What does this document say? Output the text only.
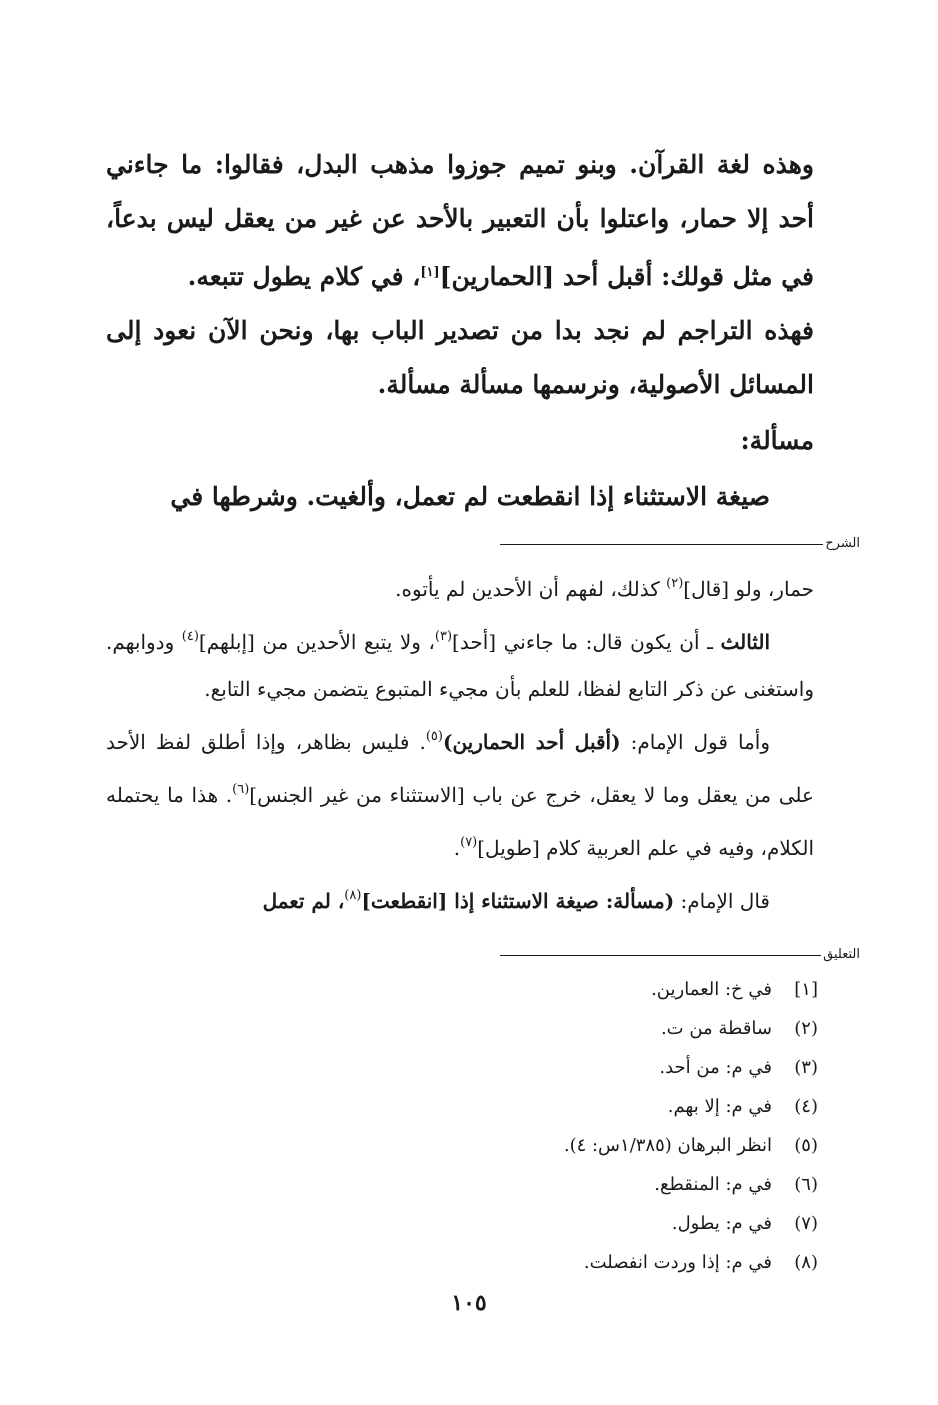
وهذه لغة القرآن. وبنو تميم جوزوا مذهب البدل، فقالوا: ما جاءني أحد إلا حمار، واعتلوا بأن التعبير بالأحد عن غير من يعقل ليس بدعاً، في مثل قولك: أقبل أحد [الحمارين][١]، في كلام يطول تتبعه.

فهذه التراجم لم نجد بدا من تصدير الباب بها، ونحن الآن نعود إلى المسائل الأصولية، ونرسمها مسألة مسألة.

مسألة:

صيغة الاستثناء إذا انقطعت لم تعمل، وألغيت. وشرطها في

الشرح

حمار، ولو [قال]$^{(٢)}$ كذلك، لفهم أن الأحدين لم يأتوه.

الثالث ـ أن يكون قال: ما جاءني [أحد]$^{(٣)}$، ولا يتبع الأحدين من [إبلهم]$^{(٤)}$ ودوابهم. واستغنى عن ذكر التابع لفظا، للعلم بأن مجيء المتبوع يتضمن مجيء التابع.

وأما قول الإمام: (أقبل أحد الحمارين)$^{(٥)}$. فليس بظاهر، وإذا أطلق لفظ الأحد على من يعقل وما لا يعقل، خرج عن باب [الاستثناء من غير الجنس]$^{(٦)}$. هذا ما يحتمله الكلام، وفيه في علم العربية كلام [طويل]$^{(٧)}$.

قال الإمام: (مسألة: صيغة الاستثناء إذا [انقطعت]$^{(٨)}$، لم تعمل

التعليق
[١]
في خ: العمارين.
(٢)
ساقطة من ت.
(٣)
في م: من أحد.
(٤)
في م: إلا بهم.
(٥)
انظر البرهان (١/٣٨٥س: ٤).
(٦)
في م: المنقطع.
(٧)
في م: يطول.
(٨)
في م: إذا وردت انفصلت.
١٠٥
